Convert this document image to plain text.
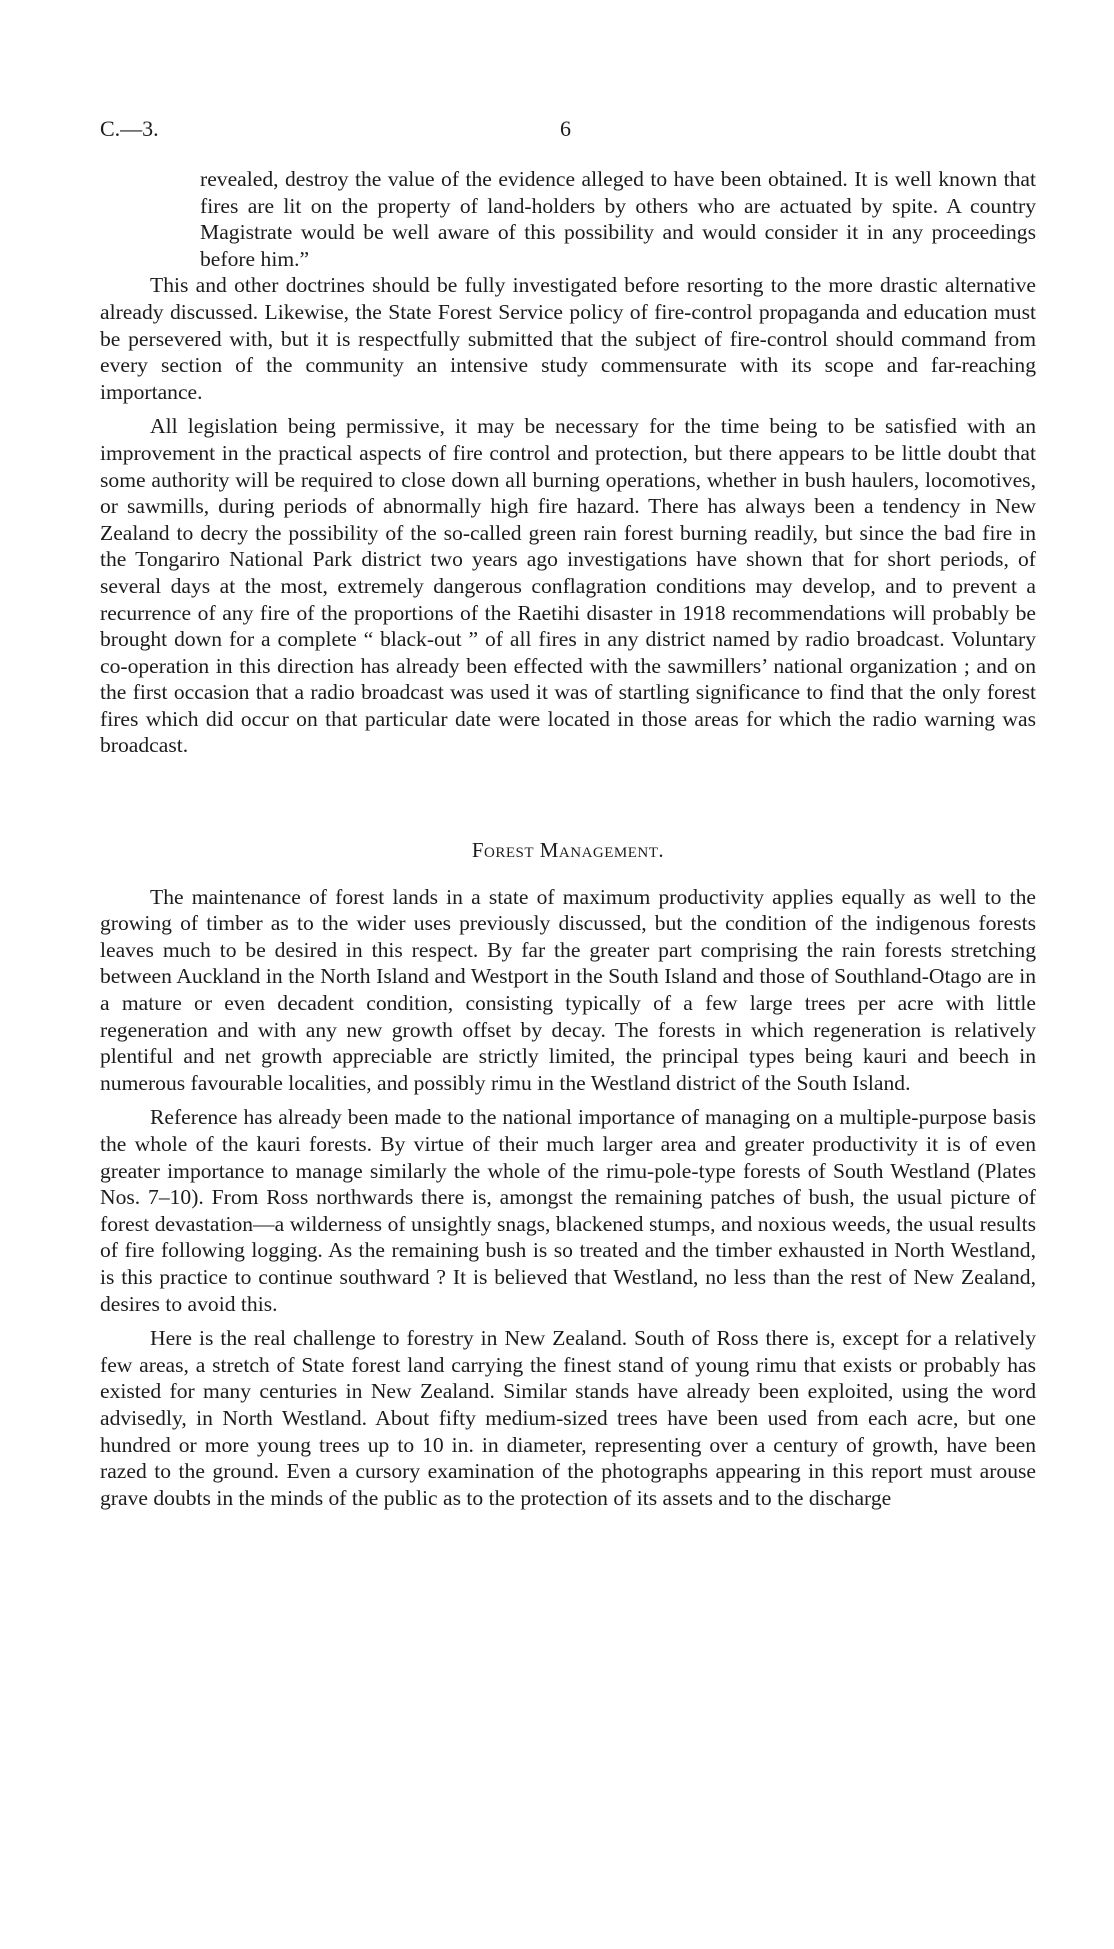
C.—3.	6

revealed, destroy the value of the evidence alleged to have been obtained. It is well known that fires are lit on the property of land-holders by others who are actuated by spite. A country Magistrate would be well aware of this possibility and would consider it in any proceedings before him.”

This and other doctrines should be fully investigated before resorting to the more drastic alternative already discussed. Likewise, the State Forest Service policy of fire-control propaganda and education must be persevered with, but it is respectfully submitted that the subject of fire-control should command from every section of the community an intensive study commensurate with its scope and far-reaching importance.

All legislation being permissive, it may be necessary for the time being to be satisfied with an improvement in the practical aspects of fire control and protection, but there appears to be little doubt that some authority will be required to close down all burning operations, whether in bush haulers, locomotives, or sawmills, during periods of abnormally high fire hazard. There has always been a tendency in New Zealand to decry the possibility of the so-called green rain forest burning readily, but since the bad fire in the Tongariro National Park district two years ago investigations have shown that for short periods, of several days at the most, extremely dangerous conflagration conditions may develop, and to prevent a recurrence of any fire of the proportions of the Raetihi disaster in 1918 recommendations will probably be brought down for a complete “ black-out ” of all fires in any district named by radio broadcast. Voluntary co-operation in this direction has already been effected with the sawmillers’ national organization ; and on the first occasion that a radio broadcast was used it was of startling significance to find that the only forest fires which did occur on that particular date were located in those areas for which the radio warning was broadcast.

Forest Management.

The maintenance of forest lands in a state of maximum productivity applies equally as well to the growing of timber as to the wider uses previously discussed, but the condition of the indigenous forests leaves much to be desired in this respect. By far the greater part comprising the rain forests stretching between Auckland in the North Island and Westport in the South Island and those of Southland-Otago are in a mature or even decadent condition, consisting typically of a few large trees per acre with little regeneration and with any new growth offset by decay. The forests in which regeneration is relatively plentiful and net growth appreciable are strictly limited, the principal types being kauri and beech in numerous favourable localities, and possibly rimu in the Westland district of the South Island.

Reference has already been made to the national importance of managing on a multiple-purpose basis the whole of the kauri forests. By virtue of their much larger area and greater productivity it is of even greater importance to manage similarly the whole of the rimu-pole-type forests of South Westland (Plates Nos. 7–10). From Ross northwards there is, amongst the remaining patches of bush, the usual picture of forest devastation—a wilderness of unsightly snags, blackened stumps, and noxious weeds, the usual results of fire following logging. As the remaining bush is so treated and the timber exhausted in North Westland, is this practice to continue southward ? It is believed that Westland, no less than the rest of New Zealand, desires to avoid this.

Here is the real challenge to forestry in New Zealand. South of Ross there is, except for a relatively few areas, a stretch of State forest land carrying the finest stand of young rimu that exists or probably has existed for many centuries in New Zealand. Similar stands have already been exploited, using the word advisedly, in North Westland. About fifty medium-sized trees have been used from each acre, but one hundred or more young trees up to 10 in. in diameter, representing over a century of growth, have been razed to the ground. Even a cursory examination of the photographs appearing in this report must arouse grave doubts in the minds of the public as to the protection of its assets and to the discharge
